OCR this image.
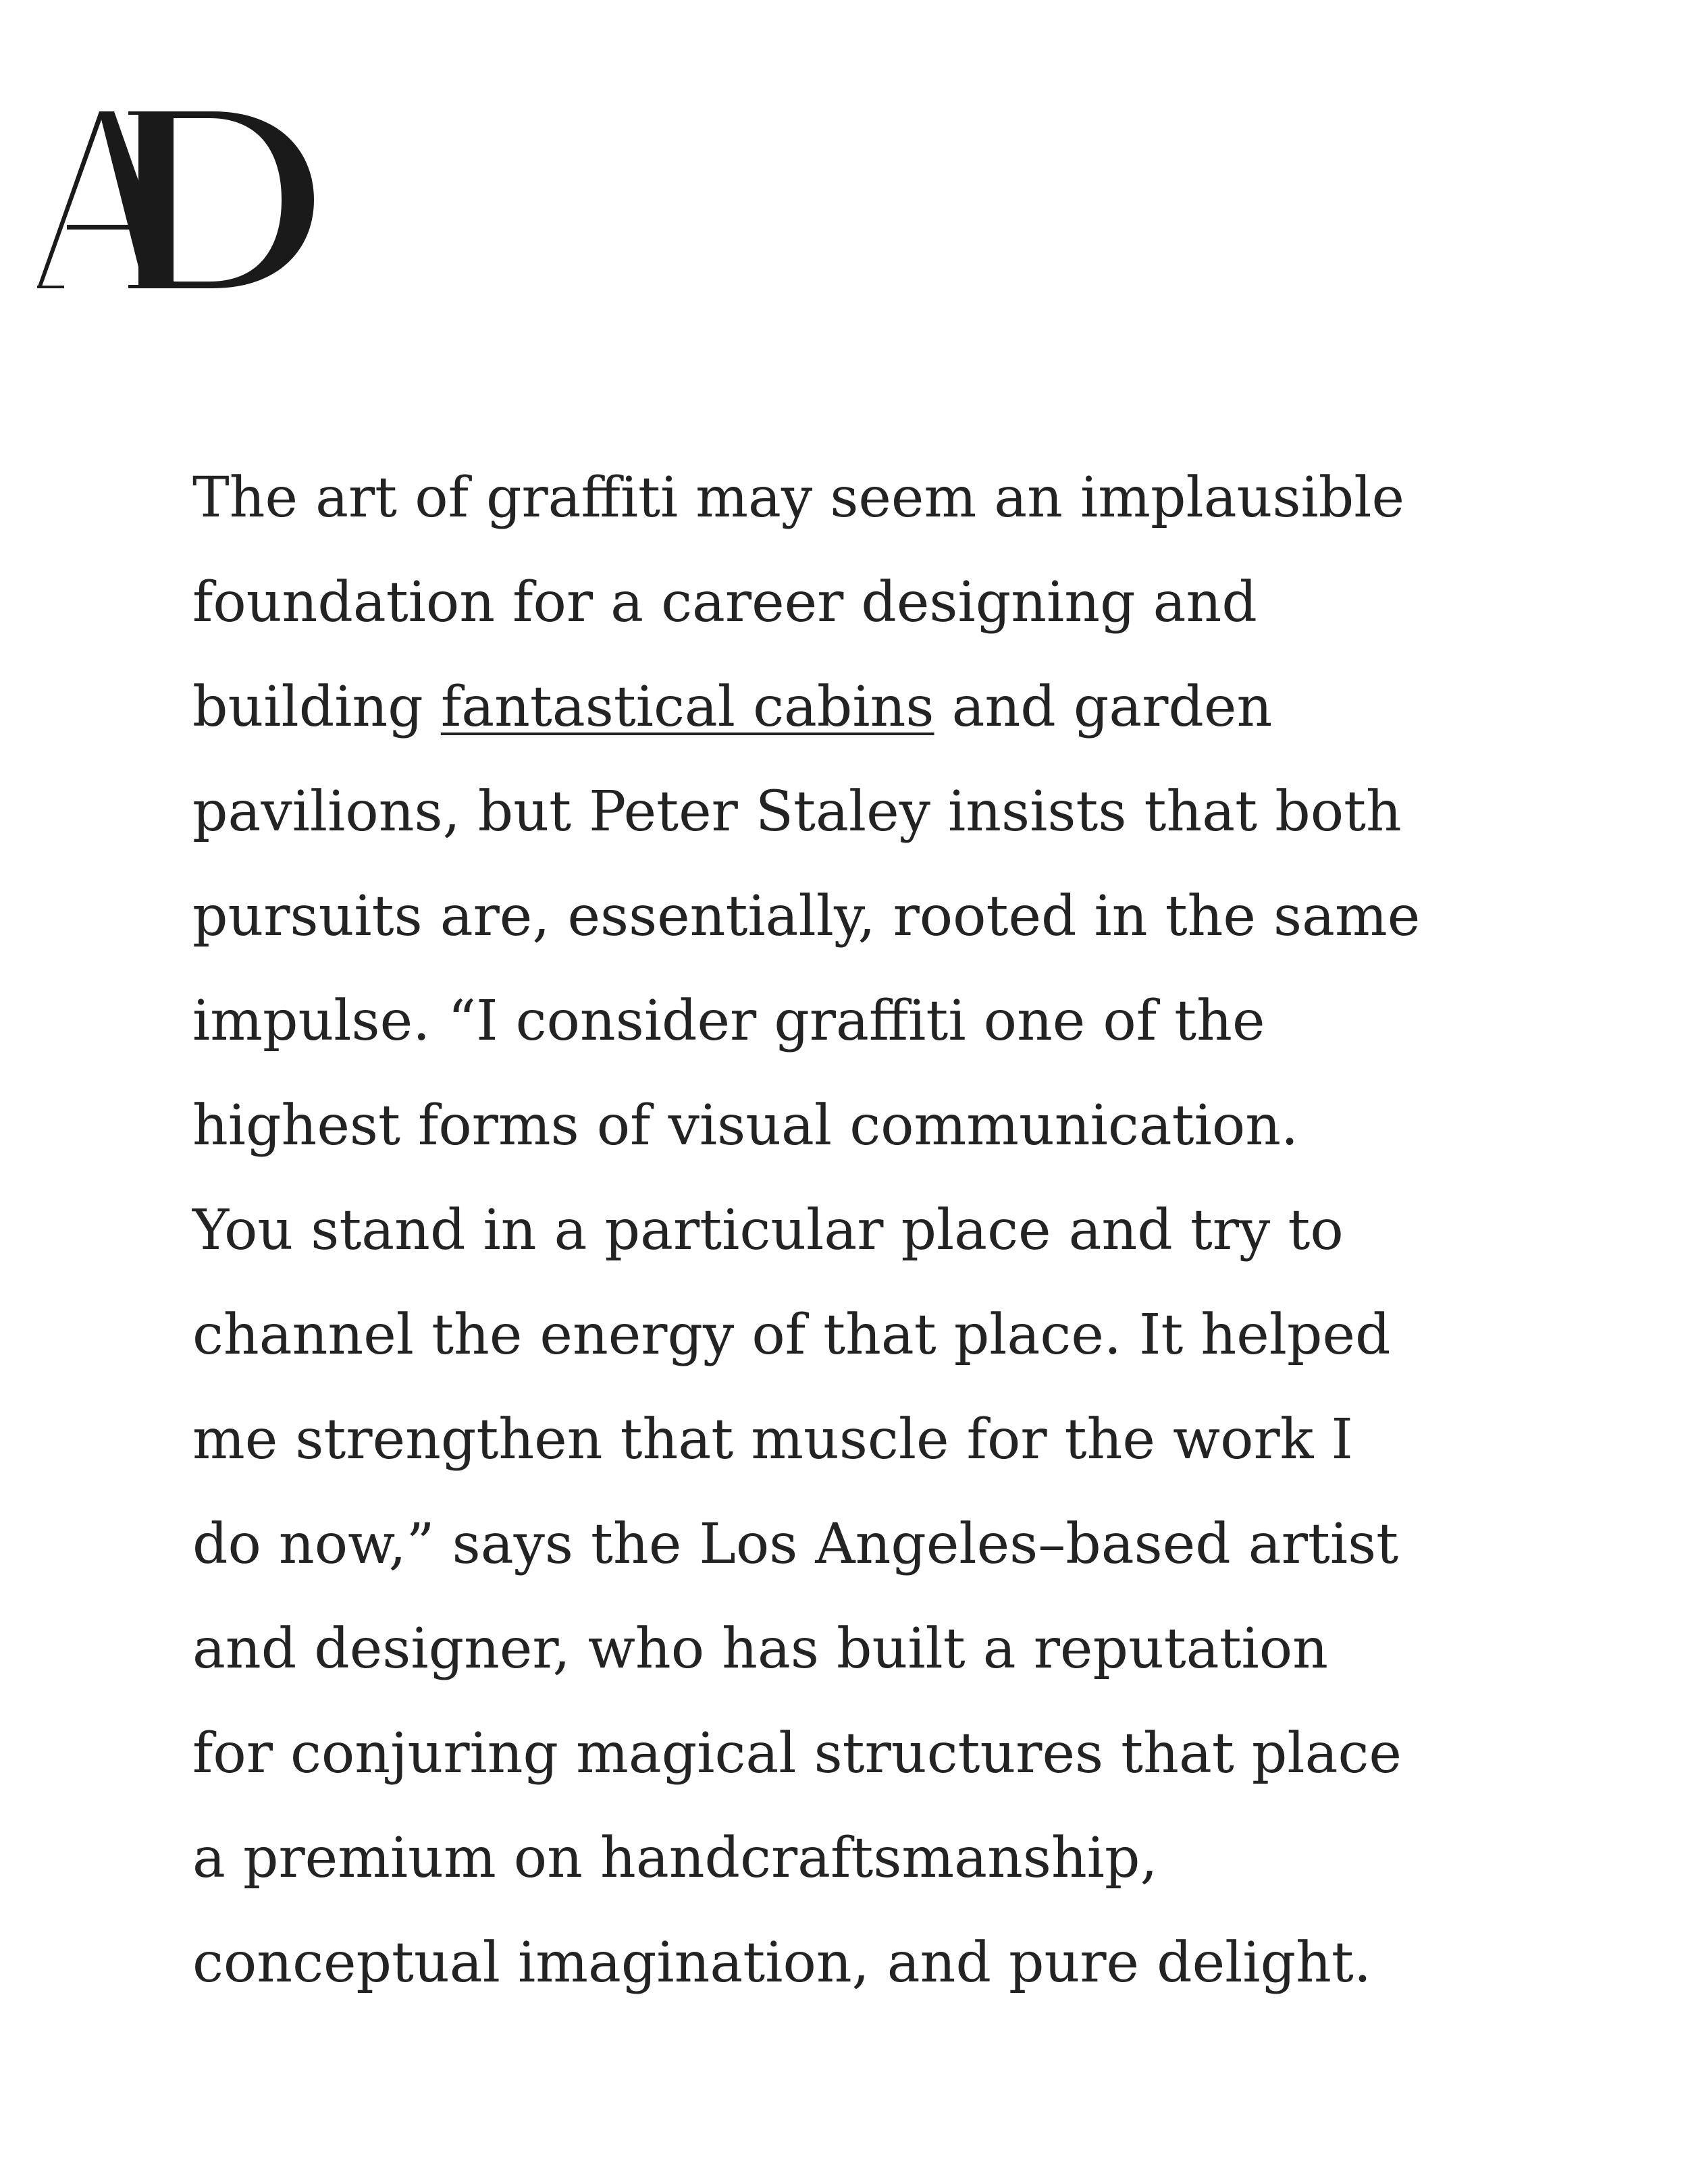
The art of graffiti may seem an implausible
foundation for a career designing and
building fantastical cabins and garden
pavilions, but Peter Staley insists that both
pursuits are, essentially, rooted in the same
impulse. “I consider graffiti one of the
highest forms of visual communication.
You stand in a particular place and try to
channel the energy of that place. It helped
me strengthen that muscle for the work I
do now,” says the Los Angeles–based artist
and designer, who has built a reputation
for conjuring magical structures that place
a premium on handcraftsmanship,
conceptual imagination, and pure delight.
